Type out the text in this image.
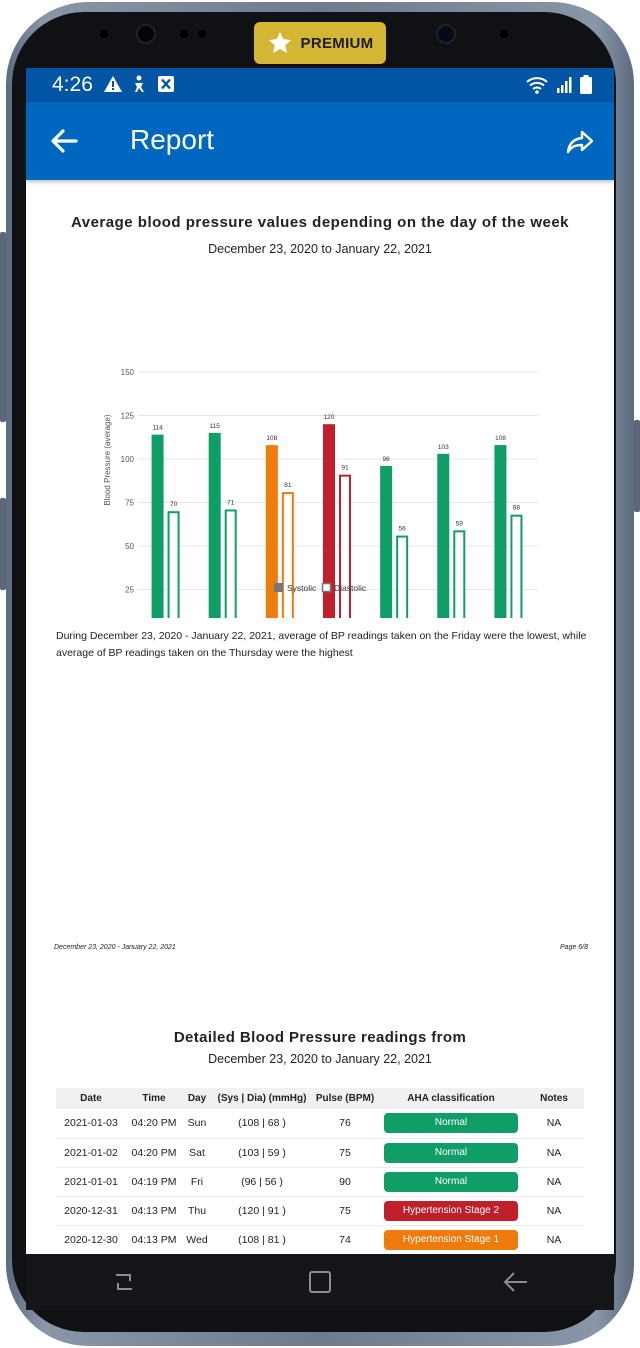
PREMIUM
4:26
Report
Average blood pressure values depending on the day of the week
December 23, 2020 to January 22, 2021
25
50
75
100
125
150
Blood Pressure (average)	114
70
115
71
108
81
120
91
96
56
103
59
108
68
Systolic Diastolic
During December 23, 2020 - January 22, 2021, average of BP readings taken on the Friday were the lowest, while average of BP readings taken on the Thursday were the highest
December 23, 2020 - January 22, 2021	Page 6/8
Detailed Blood Pressure readings from
December 23, 2020 to January 22, 2021
Date	Time	Day	(Sys | Dia) (mmHg)	Pulse (BPM)	AHA classification	Notes
2021-01-03	04:20 PM	Sun	(108 | 68 )	76	Normal	NA
2021-01-02	04:20 PM	Sat	(103 | 59 )	75	Normal	NA
2021-01-01	04:19 PM	Fri	(96 | 56 )	90	Normal	NA
2020-12-31	04:13 PM	Thu	(120 | 91 )	75	Hypertension Stage 2	NA
2020-12-30	04:13 PM	Wed	(108 | 81 )	74	Hypertension Stage 1	NA
